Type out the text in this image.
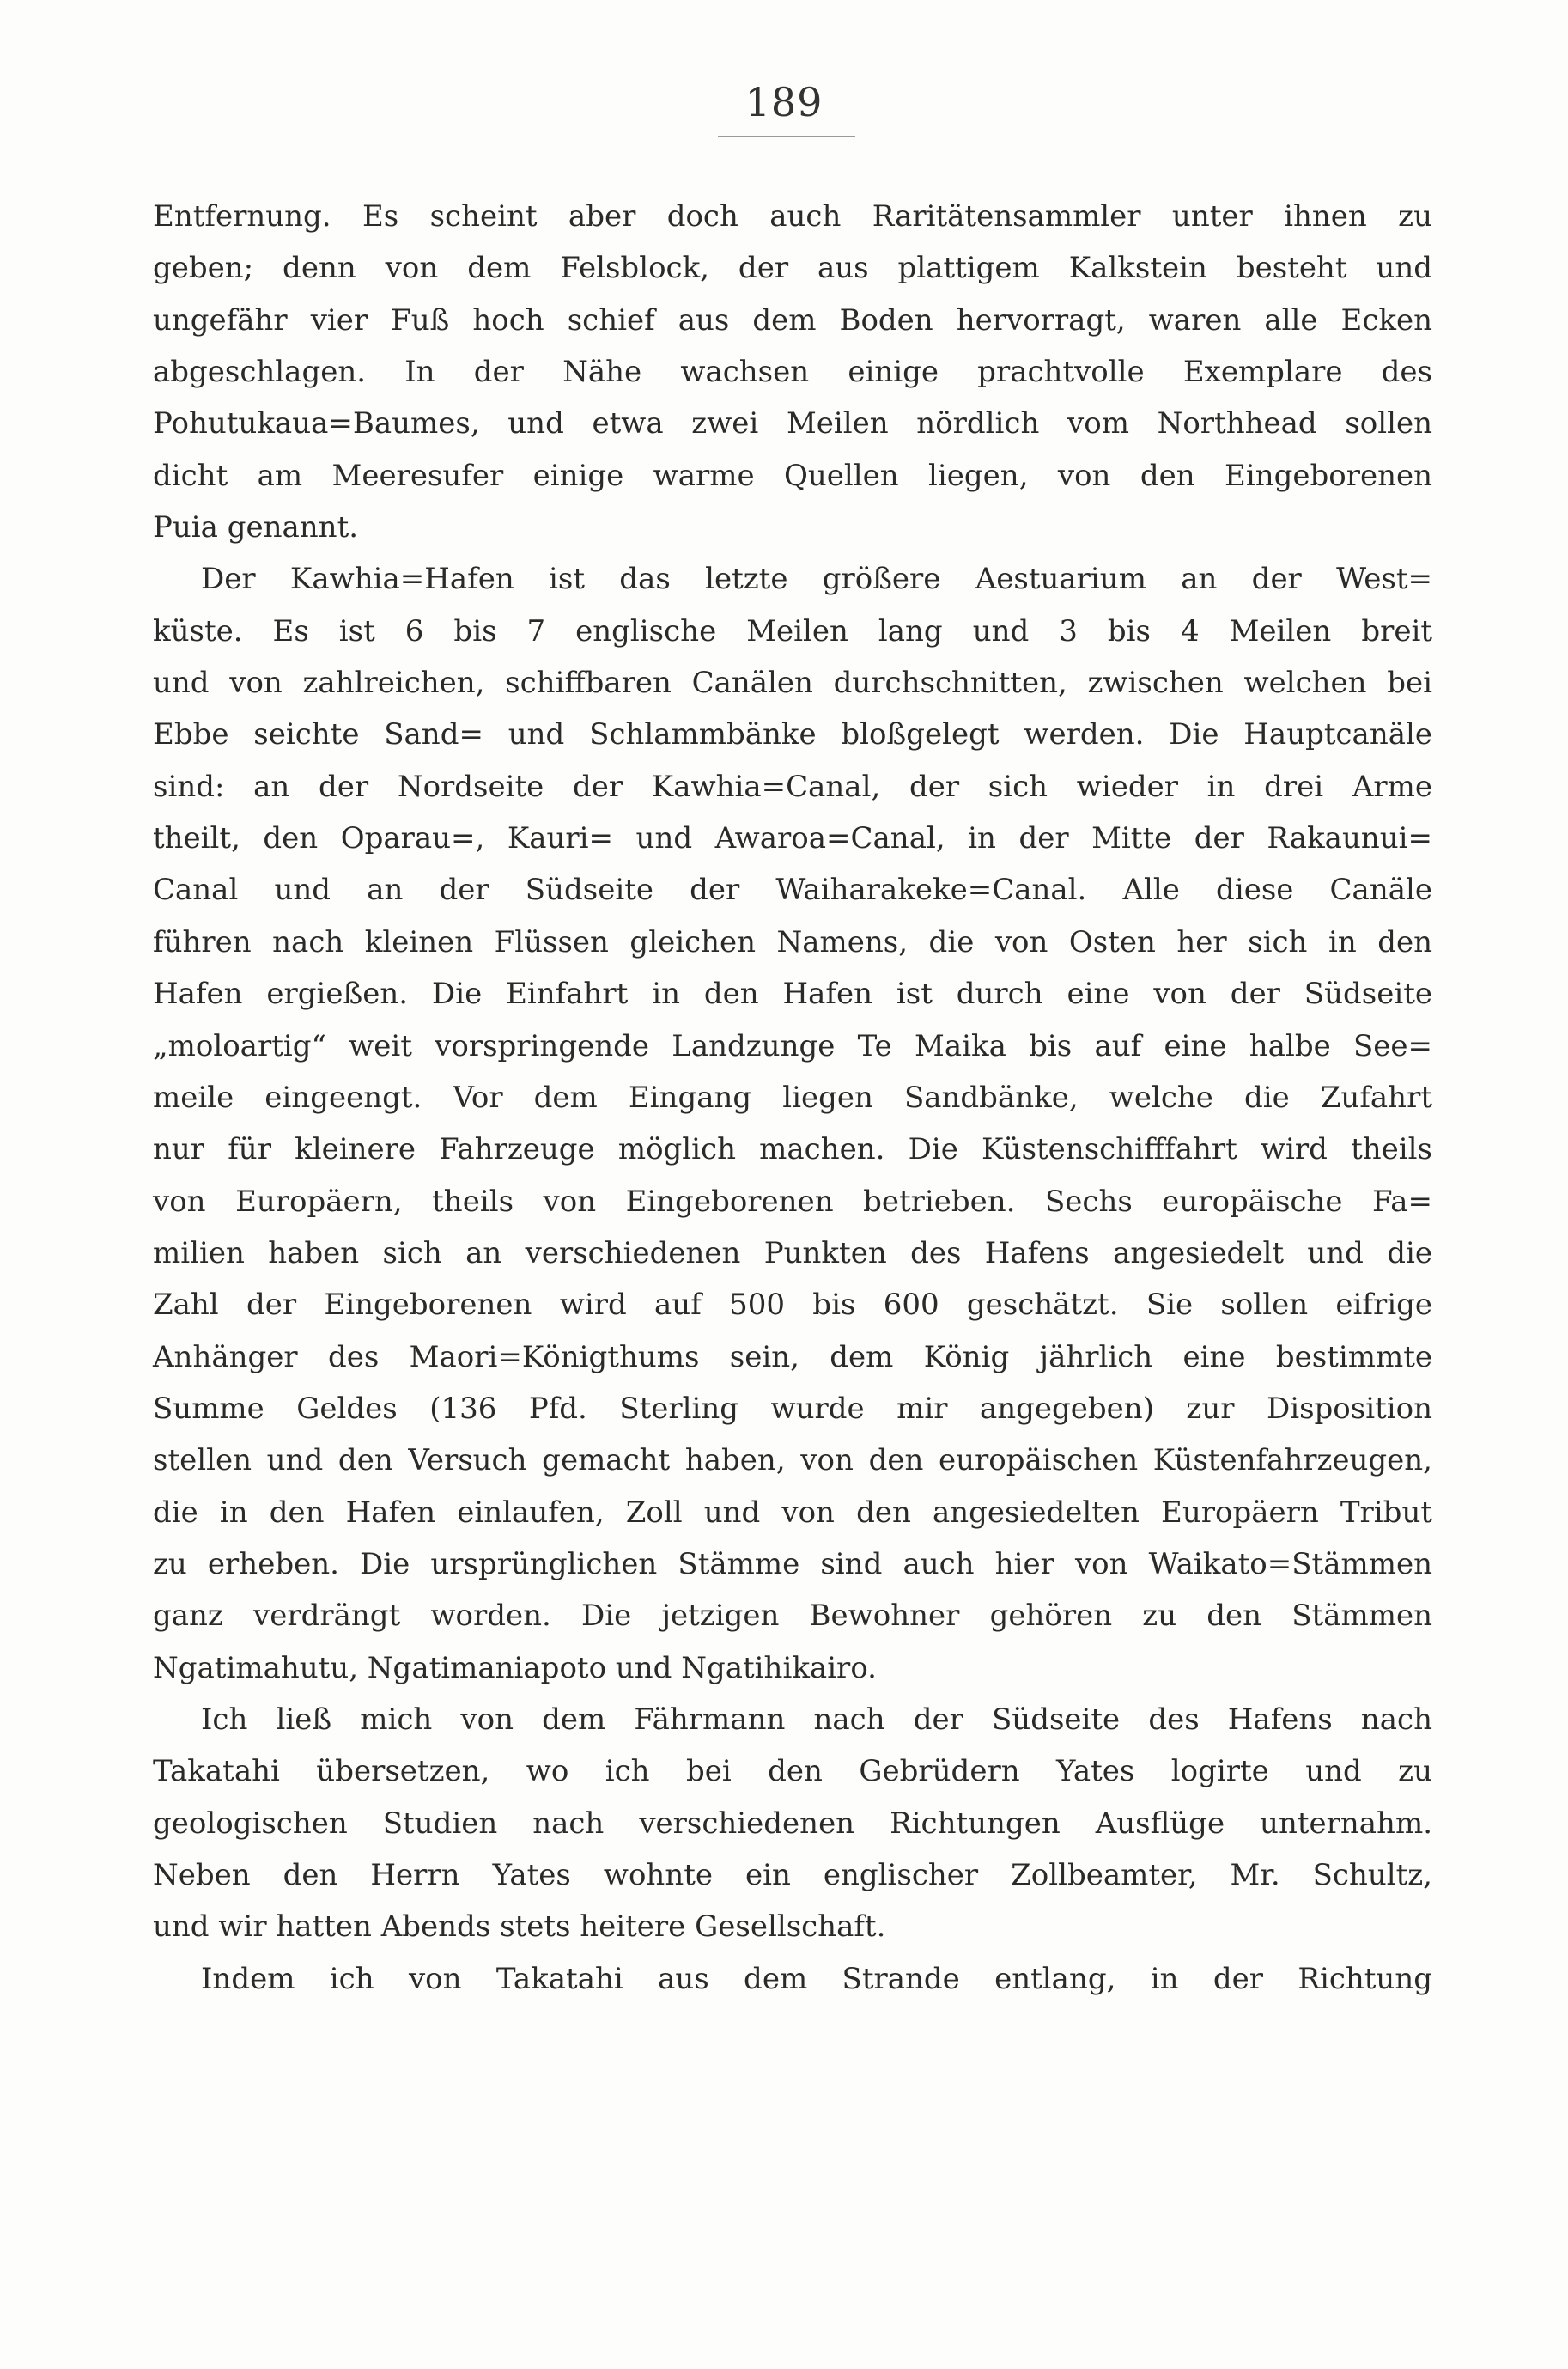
189
Entfernung. Es scheint aber doch auch Raritätensammler unter ihnen zu
geben; denn von dem Felsblock, der aus plattigem Kalkstein besteht und
ungefähr vier Fuß hoch schief aus dem Boden hervorragt, waren alle Ecken
abgeschlagen. In der Nähe wachsen einige prachtvolle Exemplare des
Pohutukaua=Baumes, und etwa zwei Meilen nördlich vom Northhead sollen
dicht am Meeresufer einige warme Quellen liegen, von den Eingeborenen
Puia genannt.
Der Kawhia=Hafen ist das letzte größere Aestuarium an der West=
küste. Es ist 6 bis 7 englische Meilen lang und 3 bis 4 Meilen breit
und von zahlreichen, schiffbaren Canälen durchschnitten, zwischen welchen bei
Ebbe seichte Sand= und Schlammbänke bloßgelegt werden. Die Hauptcanäle
sind: an der Nordseite der Kawhia=Canal, der sich wieder in drei Arme
theilt, den Oparau=, Kauri= und Awaroa=Canal, in der Mitte der Rakaunui=
Canal und an der Südseite der Waiharakeke=Canal. Alle diese Canäle
führen nach kleinen Flüssen gleichen Namens, die von Osten her sich in den
Hafen ergießen. Die Einfahrt in den Hafen ist durch eine von der Südseite
„moloartig“ weit vorspringende Landzunge Te Maika bis auf eine halbe See=
meile eingeengt. Vor dem Eingang liegen Sandbänke, welche die Zufahrt
nur für kleinere Fahrzeuge möglich machen. Die Küstenschifffahrt wird theils
von Europäern, theils von Eingeborenen betrieben. Sechs europäische Fa=
milien haben sich an verschiedenen Punkten des Hafens angesiedelt und die
Zahl der Eingeborenen wird auf 500 bis 600 geschätzt. Sie sollen eifrige
Anhänger des Maori=Königthums sein, dem König jährlich eine bestimmte
Summe Geldes (136 Pfd. Sterling wurde mir angegeben) zur Disposition
stellen und den Versuch gemacht haben, von den europäischen Küstenfahrzeugen,
die in den Hafen einlaufen, Zoll und von den angesiedelten Europäern Tribut
zu erheben. Die ursprünglichen Stämme sind auch hier von Waikato=Stämmen
ganz verdrängt worden. Die jetzigen Bewohner gehören zu den Stämmen
Ngatimahutu, Ngatimaniapoto und Ngatihikairo.
Ich ließ mich von dem Fährmann nach der Südseite des Hafens nach
Takatahi übersetzen, wo ich bei den Gebrüdern Yates logirte und zu
geologischen Studien nach verschiedenen Richtungen Ausflüge unternahm.
Neben den Herrn Yates wohnte ein englischer Zollbeamter, Mr. Schultz,
und wir hatten Abends stets heitere Gesellschaft.
Indem ich von Takatahi aus dem Strande entlang, in der Richtung
